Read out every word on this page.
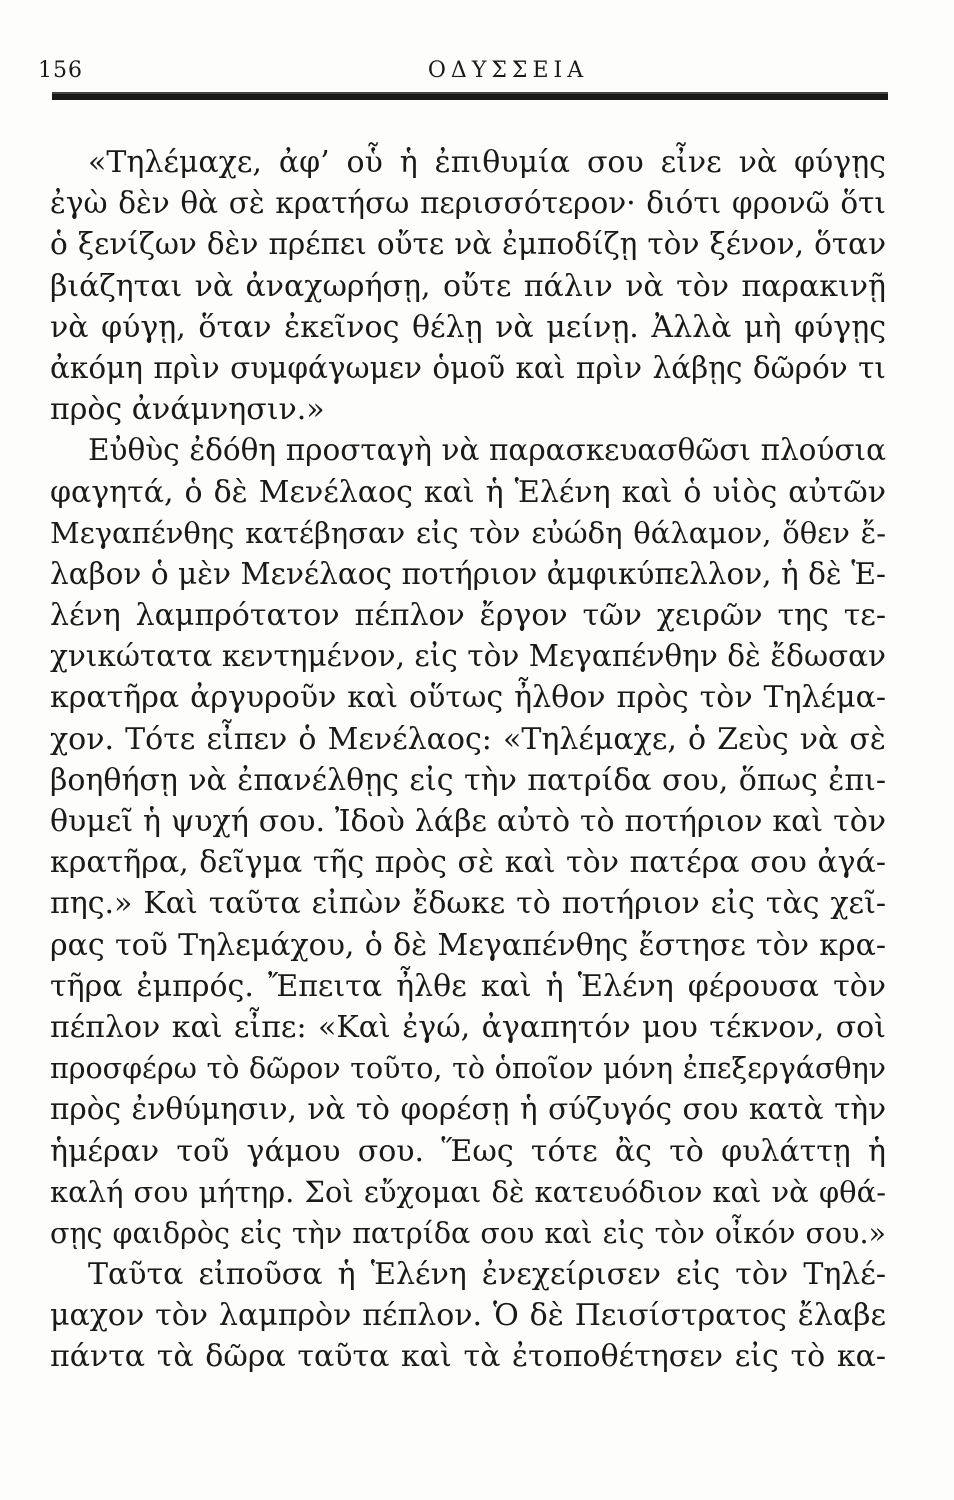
156	ΟΔΥΣΣΕΙΑ
«Τηλέμαχε, ἀφ’ οὗ ἡ ἐπιθυμία σου εἶνε νὰ φύγῃς
ἐγὼ δὲν θὰ σὲ κρατήσω περισσότερον· διότι φρονῶ ὅτι
ὁ ξενίζων δὲν πρέπει οὔτε νὰ ἐμποδίζῃ τὸν ξένον, ὅταν
βιάζηται νὰ ἀναχωρήσῃ, οὔτε πάλιν νὰ τὸν παρακινῇ
νὰ φύγῃ, ὅταν ἐκεῖνος θέλῃ νὰ μείνῃ. Ἀλλὰ μὴ φύγῃς
ἀκόμη πρὶν συμφάγωμεν ὁμοῦ καὶ πρὶν λάβῃς δῶρόν τι
πρὸς ἀνάμνησιν.»
Εὐθὺς ἐδόθη προσταγὴ νὰ παρασκευασθῶσι πλούσια
φαγητά, ὁ δὲ Μενέλαος καὶ ἡ Ἑλένη καὶ ὁ υἱὸς αὐτῶν
Μεγαπένθης κατέβησαν εἰς τὸν εὐώδη θάλαμον, ὅθεν ἔ-
λαβον ὁ μὲν Μενέλαος ποτήριον ἀμφικύπελλον, ἡ δὲ Ἑ-
λένη λαμπρότατον πέπλον ἔργον τῶν χειρῶν της τε-
χνικώτατα κεντημένον, εἰς τὸν Μεγαπένθην δὲ ἔδωσαν
κρατῆρα ἀργυροῦν καὶ οὕτως ἦλθον πρὸς τὸν Τηλέμα-
χον. Τότε εἶπεν ὁ Μενέλαος: «Τηλέμαχε, ὁ Ζεὺς νὰ σὲ
βοηθήσῃ νὰ ἐπανέλθῃς εἰς τὴν πατρίδα σου, ὅπως ἐπι-
θυμεῖ ἡ ψυχή σου. Ἰδοὺ λάβε αὐτὸ τὸ ποτήριον καὶ τὸν
κρατῆρα, δεῖγμα τῆς πρὸς σὲ καὶ τὸν πατέρα σου ἀγά-
πης.» Καὶ ταῦτα εἰπὼν ἔδωκε τὸ ποτήριον εἰς τὰς χεῖ-
ρας τοῦ Τηλεμάχου, ὁ δὲ Μεγαπένθης ἔστησε τὸν κρα-
τῆρα ἐμπρός. Ἔπειτα ἦλθε καὶ ἡ Ἑλένη φέρουσα τὸν
πέπλον καὶ εἶπε: «Καὶ ἐγώ, ἀγαπητόν μου τέκνον, σοὶ
προσφέρω τὸ δῶρον τοῦτο, τὸ ὁποῖον μόνη ἐπεξεργάσθην
πρὸς ἐνθύμησιν, νὰ τὸ φορέσῃ ἡ σύζυγός σου κατὰ τὴν
ἡμέραν τοῦ γάμου σου. Ἕως τότε ἂς τὸ φυλάττῃ ἡ
καλή σου μήτηρ. Σοὶ εὔχομαι δὲ κατευόδιον καὶ νὰ φθά-
σῃς φαιδρὸς εἰς τὴν πατρίδα σου καὶ εἰς τὸν οἶκόν σου.»
Ταῦτα εἰποῦσα ἡ Ἑλένη ἐνεχείρισεν εἰς τὸν Τηλέ-
μαχον τὸν λαμπρὸν πέπλον. Ὁ δὲ Πεισίστρατος ἔλαβε
πάντα τὰ δῶρα ταῦτα καὶ τὰ ἐτοποθέτησεν εἰς τὸ κα-
